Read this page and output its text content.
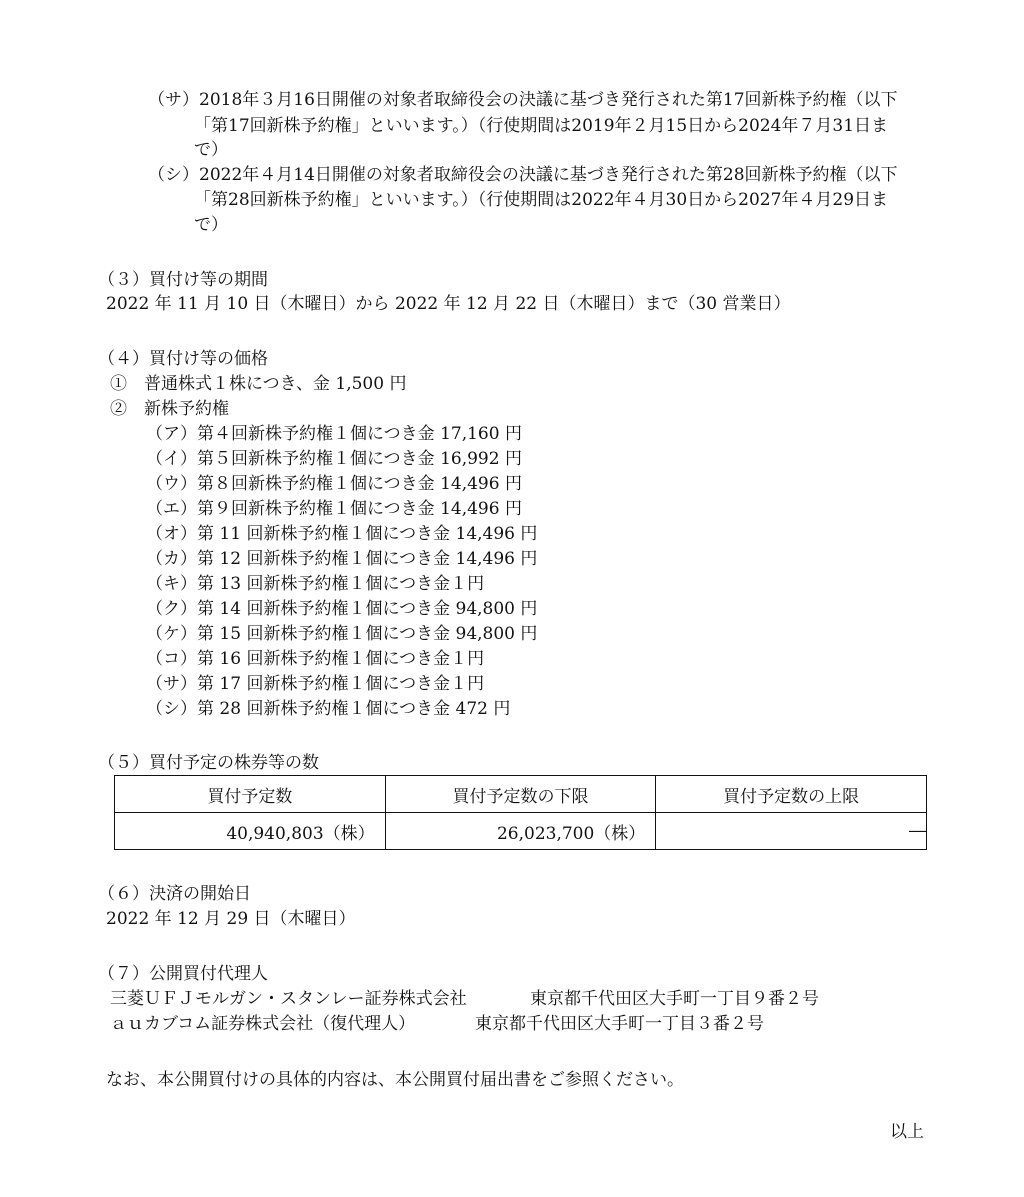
（サ）2018年３月16日開催の対象者取締役会の決議に基づき発行された第17回新株予約権（以下
「第17回新株予約権」といいます。）（行使期間は2019年２月15日から2024年７月31日ま
で）
（シ）2022年４月14日開催の対象者取締役会の決議に基づき発行された第28回新株予約権（以下
「第28回新株予約権」といいます。）（行使期間は2022年４月30日から2027年４月29日ま
で）
（３）買付け等の期間
2022 年 11 月 10 日（木曜日）から 2022 年 12 月 22 日（木曜日）まで（30 営業日）
（４）買付け等の価格
①　普通株式１株につき、金 1,500 円
②　新株予約権
（ア）第４回新株予約権１個につき金 17,160 円
（イ）第５回新株予約権１個につき金 16,992 円
（ウ）第８回新株予約権１個につき金 14,496 円
（エ）第９回新株予約権１個につき金 14,496 円
（オ）第 11 回新株予約権１個につき金 14,496 円
（カ）第 12 回新株予約権１個につき金 14,496 円
（キ）第 13 回新株予約権１個につき金１円
（ク）第 14 回新株予約権１個につき金 94,800 円
（ケ）第 15 回新株予約権１個につき金 94,800 円
（コ）第 16 回新株予約権１個につき金１円
（サ）第 17 回新株予約権１個につき金１円
（シ）第 28 回新株予約権１個につき金 472 円
（５）買付予定の株券等の数
買付予定数	買付予定数の下限	買付予定数の上限
40,940,803（株）	26,023,700（株）	―
（６）決済の開始日
2022 年 12 月 29 日（木曜日）
（７）公開買付代理人
三菱ＵＦＪモルガン・スタンレー証券株式会社	東京都千代田区大手町一丁目９番２号
ａｕカブコム証券株式会社（復代理人）	東京都千代田区大手町一丁目３番２号
なお、本公開買付けの具体的内容は、本公開買付届出書をご参照ください。
以上
